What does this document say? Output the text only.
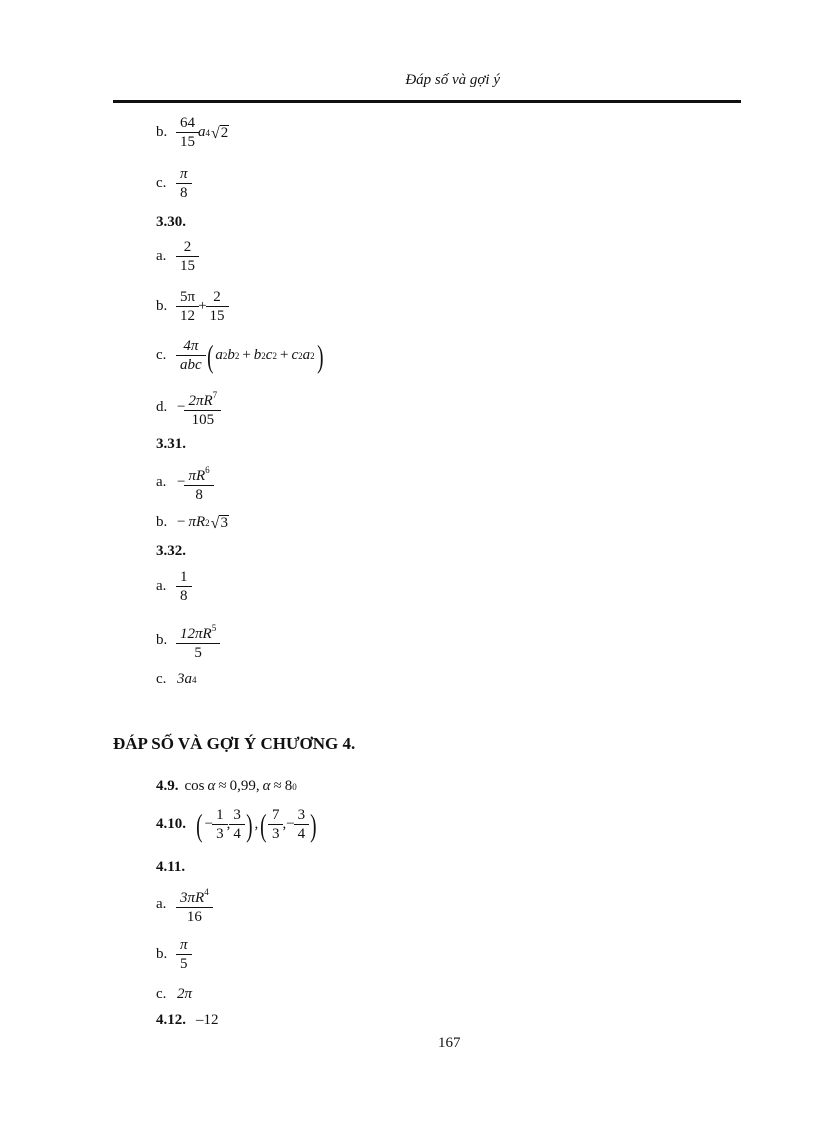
Đáp số và gợi ý
b. $\frac{64}{15}$ a 4 √ 2
c. $\frac{\pi}{8}$
3.30.
a. $\frac{2}{15}$
b. $\frac{5\pi}{12} + \frac{2}{15}$
c. $\frac{4\pi}{\text{abc}}$ ( a 2 b 2 + b 2 c 2 + c 2 a 2 )
d. − $\frac{2\pi R^7}{105}$
3.31.
a. − $\frac{\pi R^6}{8}$
b. − πR 2 √ 3
3.32.
a. $\frac{1}{8}$
b. $\frac{12\pi R^5}{5}$
c. 3a 4
ĐÁP SỐ VÀ GỢI Ý CHƯƠNG 4.
4.9. cos α ≈ 0,99 , α ≈ 8 0
4.10. ( − $\frac{1}{3}$ , $\frac{3}{4}$ ) , ( $\frac{7}{3}$ , − $\frac{3}{4}$ )
4.11.
a. $\frac{3\pi R^4}{16}$
b. $\frac{\pi}{5}$
c. 2π
4.12. –12
167
